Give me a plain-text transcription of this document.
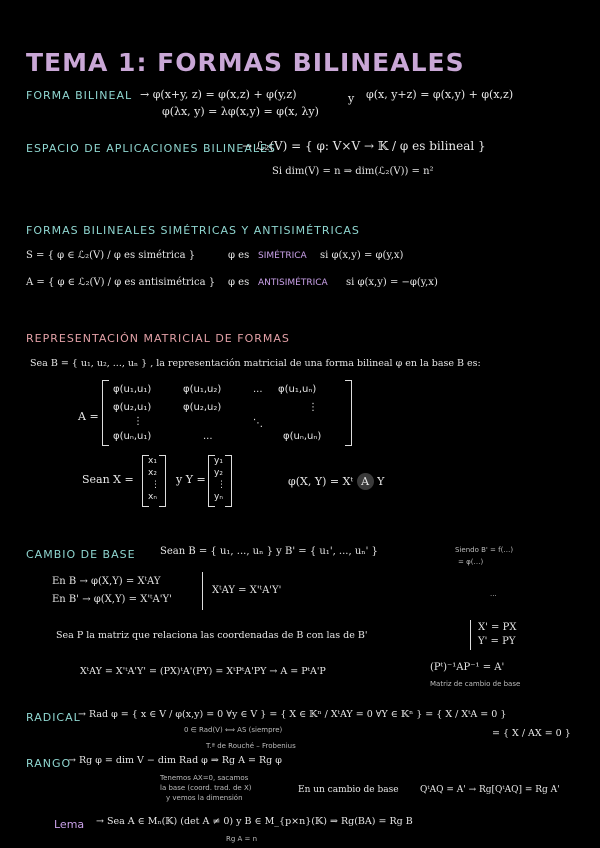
TEMA 1: FORMAS BILINEALES
FORMA BILINEAL → φ(x+y, z) = φ(x,z) + φ(y,z)
φ(λx, y) = λφ(x,y) = φ(x, λy)
y φ(x, y+z) = φ(x,y) + φ(x,z)
ESPACIO DE APLICACIONES BILINEALES
→ ℒ₂(V) = { φ: V×V → 𝕂 / φ es bilineal }
Si dim(V) = n ⇒ dim(ℒ₂(V)) = n²
FORMAS BILINEALES SIMÉTRICAS Y ANTISIMÉTRICAS
S = { φ ∈ ℒ₂(V) / φ es simétrica }	φ es SIMÉTRICA si φ(x,y) = φ(y,x)
A = { φ ∈ ℒ₂(V) / φ es antisimétrica } φ es ANTISIMÉTRICA si φ(x,y) = −φ(y,x)
REPRESENTACIÓN MATRICIAL DE FORMAS
Sea B = { u₁, u₂, ..., uₙ } , la representación matricial de una forma bilineal φ en la base B es:
A =
φ(u₁,u₁)	φ(u₁,u₂)	... φ(u₁,uₙ)
φ(u₂,u₁)	φ(u₂,u₂)	⋮
⋮	⋱
φ(uₙ,u₁)	...	φ(uₙ,uₙ)
Sean X =
x₁
x₂
⋮
xₙ
y Y =
y₁
y₂
⋮
yₙ
φ(X, Y) = Xᵗ A Y
CAMBIO DE BASE Sean B = { u₁, ..., uₙ } y B' = { u₁', ..., uₙ' }	Siendo B' = f(…)
= φ(…)
...
En B → φ(X,Y) = XᵗAY
En B' → φ(X,Y) = X'ᵗA'Y'
XᵗAY = X'ᵗA'Y'
Sea P la matriz que relaciona las coordenadas de B con las de B'
X' = PX
Y' = PY
XᵗAY = X'ᵗA'Y' = (PX)ᵗA'(PY) = XᵗPᵗA'PY → A = PᵗA'P	(Pᵗ)⁻¹AP⁻¹ = A'
Matriz de cambio de base
RADICAL
→ Rad φ = { x ∈ V / φ(x,y) = 0 ∀y ∈ V } = { X ∈ 𝕂ⁿ / XᵗAY = 0 ∀Y ∈ 𝕂ⁿ } = { X / XᵗA = 0 }
= { X / AX = 0 }
0 ∈ Rad(V) ⟺ AS (siempre)
T.ª de Rouché – Frobenius
RANGO
→ Rg φ = dim V − dim Rad φ ⇒ Rg A = Rg φ
Tenemos AX=0, sacamos
la base (coord. trad. de X)
y vemos la dimensión
En un cambio de base QᵗAQ = A' → Rg[QᵗAQ] = Rg A'
Lema → Sea A ∈ Mₙ(𝕂) (det A ≠ 0) y B ∈ M_{p×n}(𝕂) ⇒ Rg(BA) = Rg B
Rg A = n
